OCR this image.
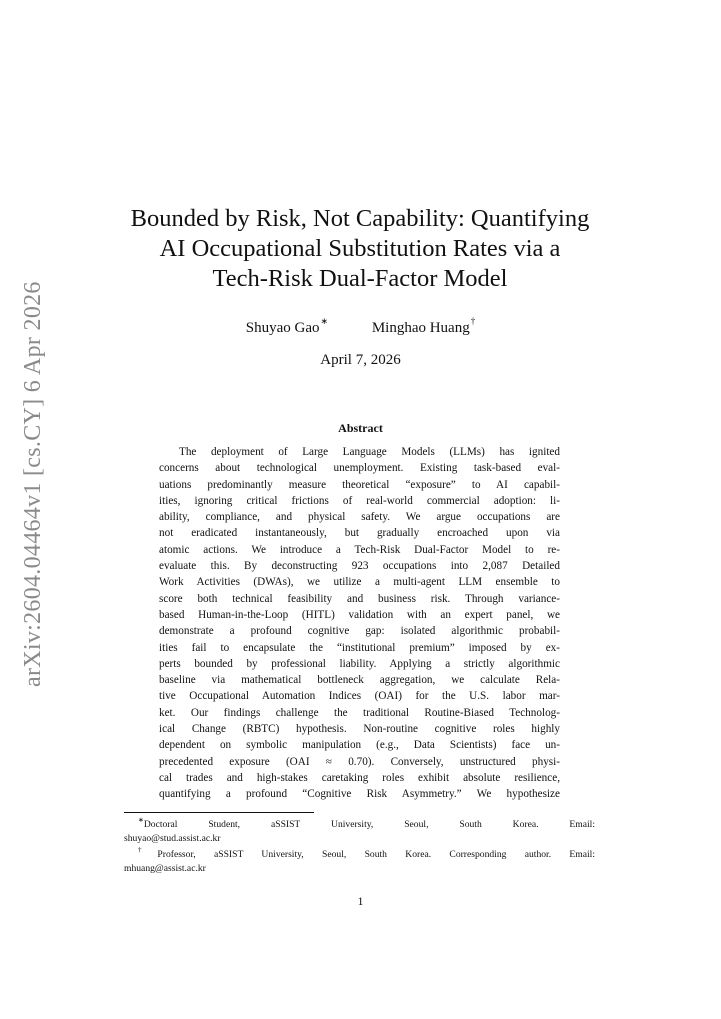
arXiv:2604.04464v1 [cs.CY] 6 Apr 2026
Bounded by Risk, Not Capability: Quantifying
AI Occupational Substitution Rates via a
Tech-Risk Dual-Factor Model
Shuyao Gao∗	Minghao Huang†
April 7, 2026
Abstract
The deployment of Large Language Models (LLMs) has ignited
concerns about technological unemployment. Existing task-based eval-
uations predominantly measure theoretical “exposure” to AI capabil-
ities, ignoring critical frictions of real-world commercial adoption: li-
ability, compliance, and physical safety. We argue occupations are
not eradicated instantaneously, but gradually encroached upon via
atomic actions. We introduce a Tech-Risk Dual-Factor Model to re-
evaluate this. By deconstructing 923 occupations into 2,087 Detailed
Work Activities (DWAs), we utilize a multi-agent LLM ensemble to
score both technical feasibility and business risk. Through variance-
based Human-in-the-Loop (HITL) validation with an expert panel, we
demonstrate a profound cognitive gap: isolated algorithmic probabil-
ities fail to encapsulate the “institutional premium” imposed by ex-
perts bounded by professional liability. Applying a strictly algorithmic
baseline via mathematical bottleneck aggregation, we calculate Rela-
tive Occupational Automation Indices (OAI) for the U.S. labor mar-
ket. Our findings challenge the traditional Routine-Biased Technolog-
ical Change (RBTC) hypothesis. Non-routine cognitive roles highly
dependent on symbolic manipulation (e.g., Data Scientists) face un-
precedented exposure (OAI ≈ 0.70). Conversely, unstructured physi-
cal trades and high-stakes caretaking roles exhibit absolute resilience,
quantifying a profound “Cognitive Risk Asymmetry.” We hypothesize
∗Doctoral Student, aSSIST University, Seoul, South Korea. Email:
shuyao@stud.assist.ac.kr
†Professor, aSSIST University, Seoul, South Korea. Corresponding author. Email:
mhuang@assist.ac.kr
1
